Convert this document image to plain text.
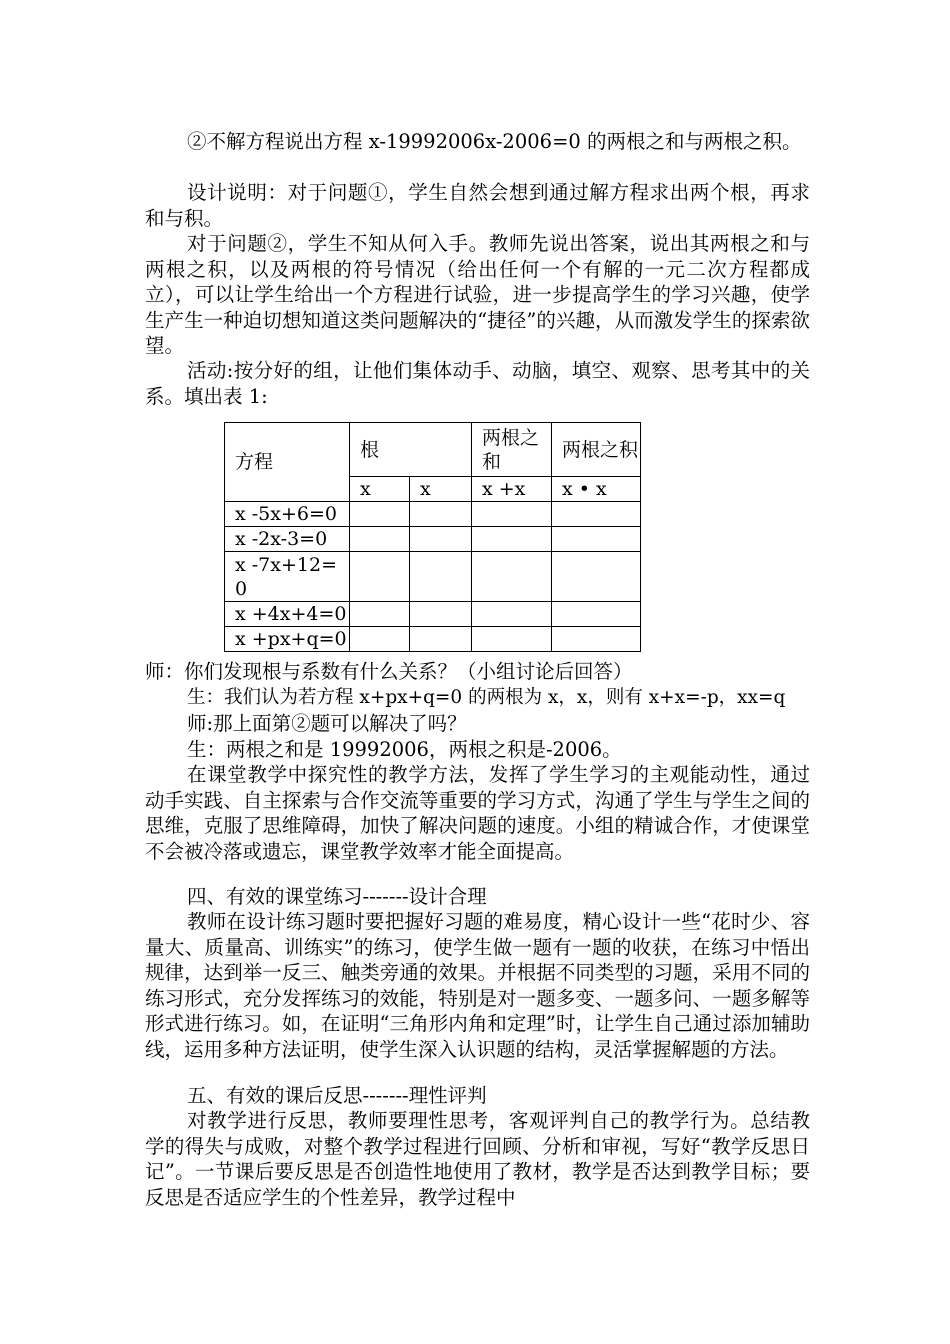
②不解方程说出方程 x-19992006x-2006=0 的两根之和与两根之积。

设计说明：对于问题①，学生自然会想到通过解方程求出两个根，再求和与积。

对于问题②，学生不知从何入手。教师先说出答案，说出其两根之和与两根之积，以及两根的符号情况（给出任何一个有解的一元二次方程都成立），可以让学生给出一个方程进行试验，进一步提高学生的学习兴趣，使学生产生一种迫切想知道这类问题解决的“捷径”的兴趣，从而激发学生的探索欲望。

活动:按分好的组，让他们集体动手、动脑，填空、观察、思考其中的关系。填出表 1:

方程	根		两根之和	两根之积
	x	x	x +x	x • x
x -5x+6=0				
x -2x-3=0				
x -7x+12=0				
x +4x+4=0				
x +px+q=0				
师：你们发现根与系数有什么关系？（小组讨论后回答）
生：我们认为若方程 x+px+q=0 的两根为 x，x，则有 x+x=-p，xx=q
师:那上面第②题可以解决了吗？
生：两根之和是 19992006，两根之积是-2006。

在课堂教学中探究性的教学方法，发挥了学生学习的主观能动性，通过动手实践、自主探索与合作交流等重要的学习方式，沟通了学生与学生之间的思维，克服了思维障碍，加快了解决问题的速度。小组的精诚合作，才使课堂不会被冷落或遗忘，课堂教学效率才能全面提高。

四、有效的课堂练习-------设计合理

教师在设计练习题时要把握好习题的难易度，精心设计一些“花时少、容量大、质量高、训练实”的练习，使学生做一题有一题的收获，在练习中悟出规律，达到举一反三、触类旁通的效果。并根据不同类型的习题，采用不同的练习形式，充分发挥练习的效能，特别是对一题多变、一题多问、一题多解等形式进行练习。如，在证明“三角形内角和定理”时，让学生自己通过添加辅助线，运用多种方法证明，使学生深入认识题的结构，灵活掌握解题的方法。

五、有效的课后反思-------理性评判

对教学进行反思，教师要理性思考，客观评判自己的教学行为。总结教学的得失与成败，对整个教学过程进行回顾、分析和审视，写好“教学反思日记”。一节课后要反思是否创造性地使用了教材，教学是否达到教学目标；要反思是否适应学生的个性差异，教学过程中
